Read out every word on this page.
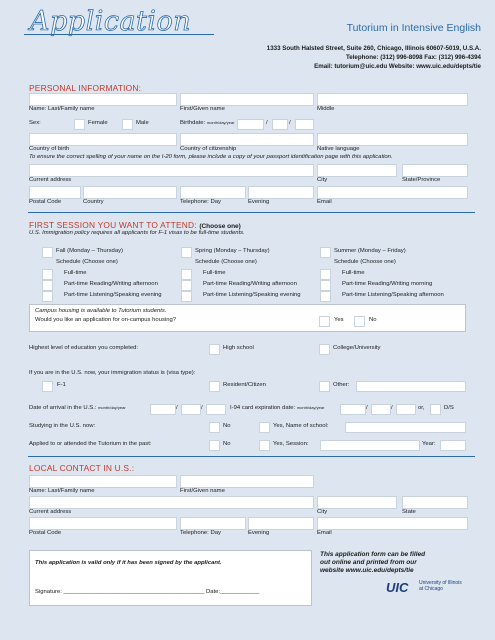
Application	Tutorium in Intensive English
1333 South Halsted Street, Suite 260, Chicago, Illinois 60607-5019, U.S.A.
Telephone: (312) 996-8098 Fax: (312) 996-4394
Email: tutorium@uic.edu Website: www.uic.edu/depts/tie
PERSONAL INFORMATION:
Name: Last/Family name	First/Given name	Middle
Sex:	Female	Male	Birthdate: month/day/year	/	/
Country of birth	Country of citizenship	Native language
To ensure the correct spelling of your name on the I-20 form, please include a copy of your passport identification page with this application.
Current address	City	State/Province
Postal Code	Country	Telephone: Day	Evening	Email
FIRST SESSION YOU WANT TO ATTEND: (Choose one)
U.S. Immigration policy requires all applicants for F-1 visas to be full-time students.
Fall (Monday – Thursday)
Schedule (Choose one)
Full-time
Part-time Reading/Writing afternoon
Part-time Listening/Speaking evening
Spring (Monday – Thursday)
Schedule (Choose one)
Full-time
Part-time Reading/Writing afternoon
Part-time Listening/Speaking evening
Summer (Monday – Friday)
Schedule (Choose one)
Full-time
Part-time Reading/Writing morning
Part-time Listening/Speaking afternoon
Campus housing is available to Tutorium students.
Would you like an application for on-campus housing?	Yes	No
Highest level of education you completed:	High school	College/University
If you are in the U.S. now, your immigration status is (visa type):
F-1	Resident/Citizen	Other:
Date of arrival in the U.S.: month/day/year	/	/	I-94 card expiration date: month/day/year	/	/	or,	D/S
Studying in the U.S. now:	No	Yes, Name of school:
Applied to or attended the Tutorium in the past:	No	Yes, Session:	Year:
LOCAL CONTACT IN U.S.:
Name: Last/Family name	First/Given name
Current address	City	State
Postal Code	Telephone: Day	Evening	Email
This application is valid only if it has been signed by the applicant.
Signature: ___________________________________________ Date:____________
This application form can be filled
out online and printed from our
website www.uic.edu/depts/tie
UIC University of Illinois
at Chicago
